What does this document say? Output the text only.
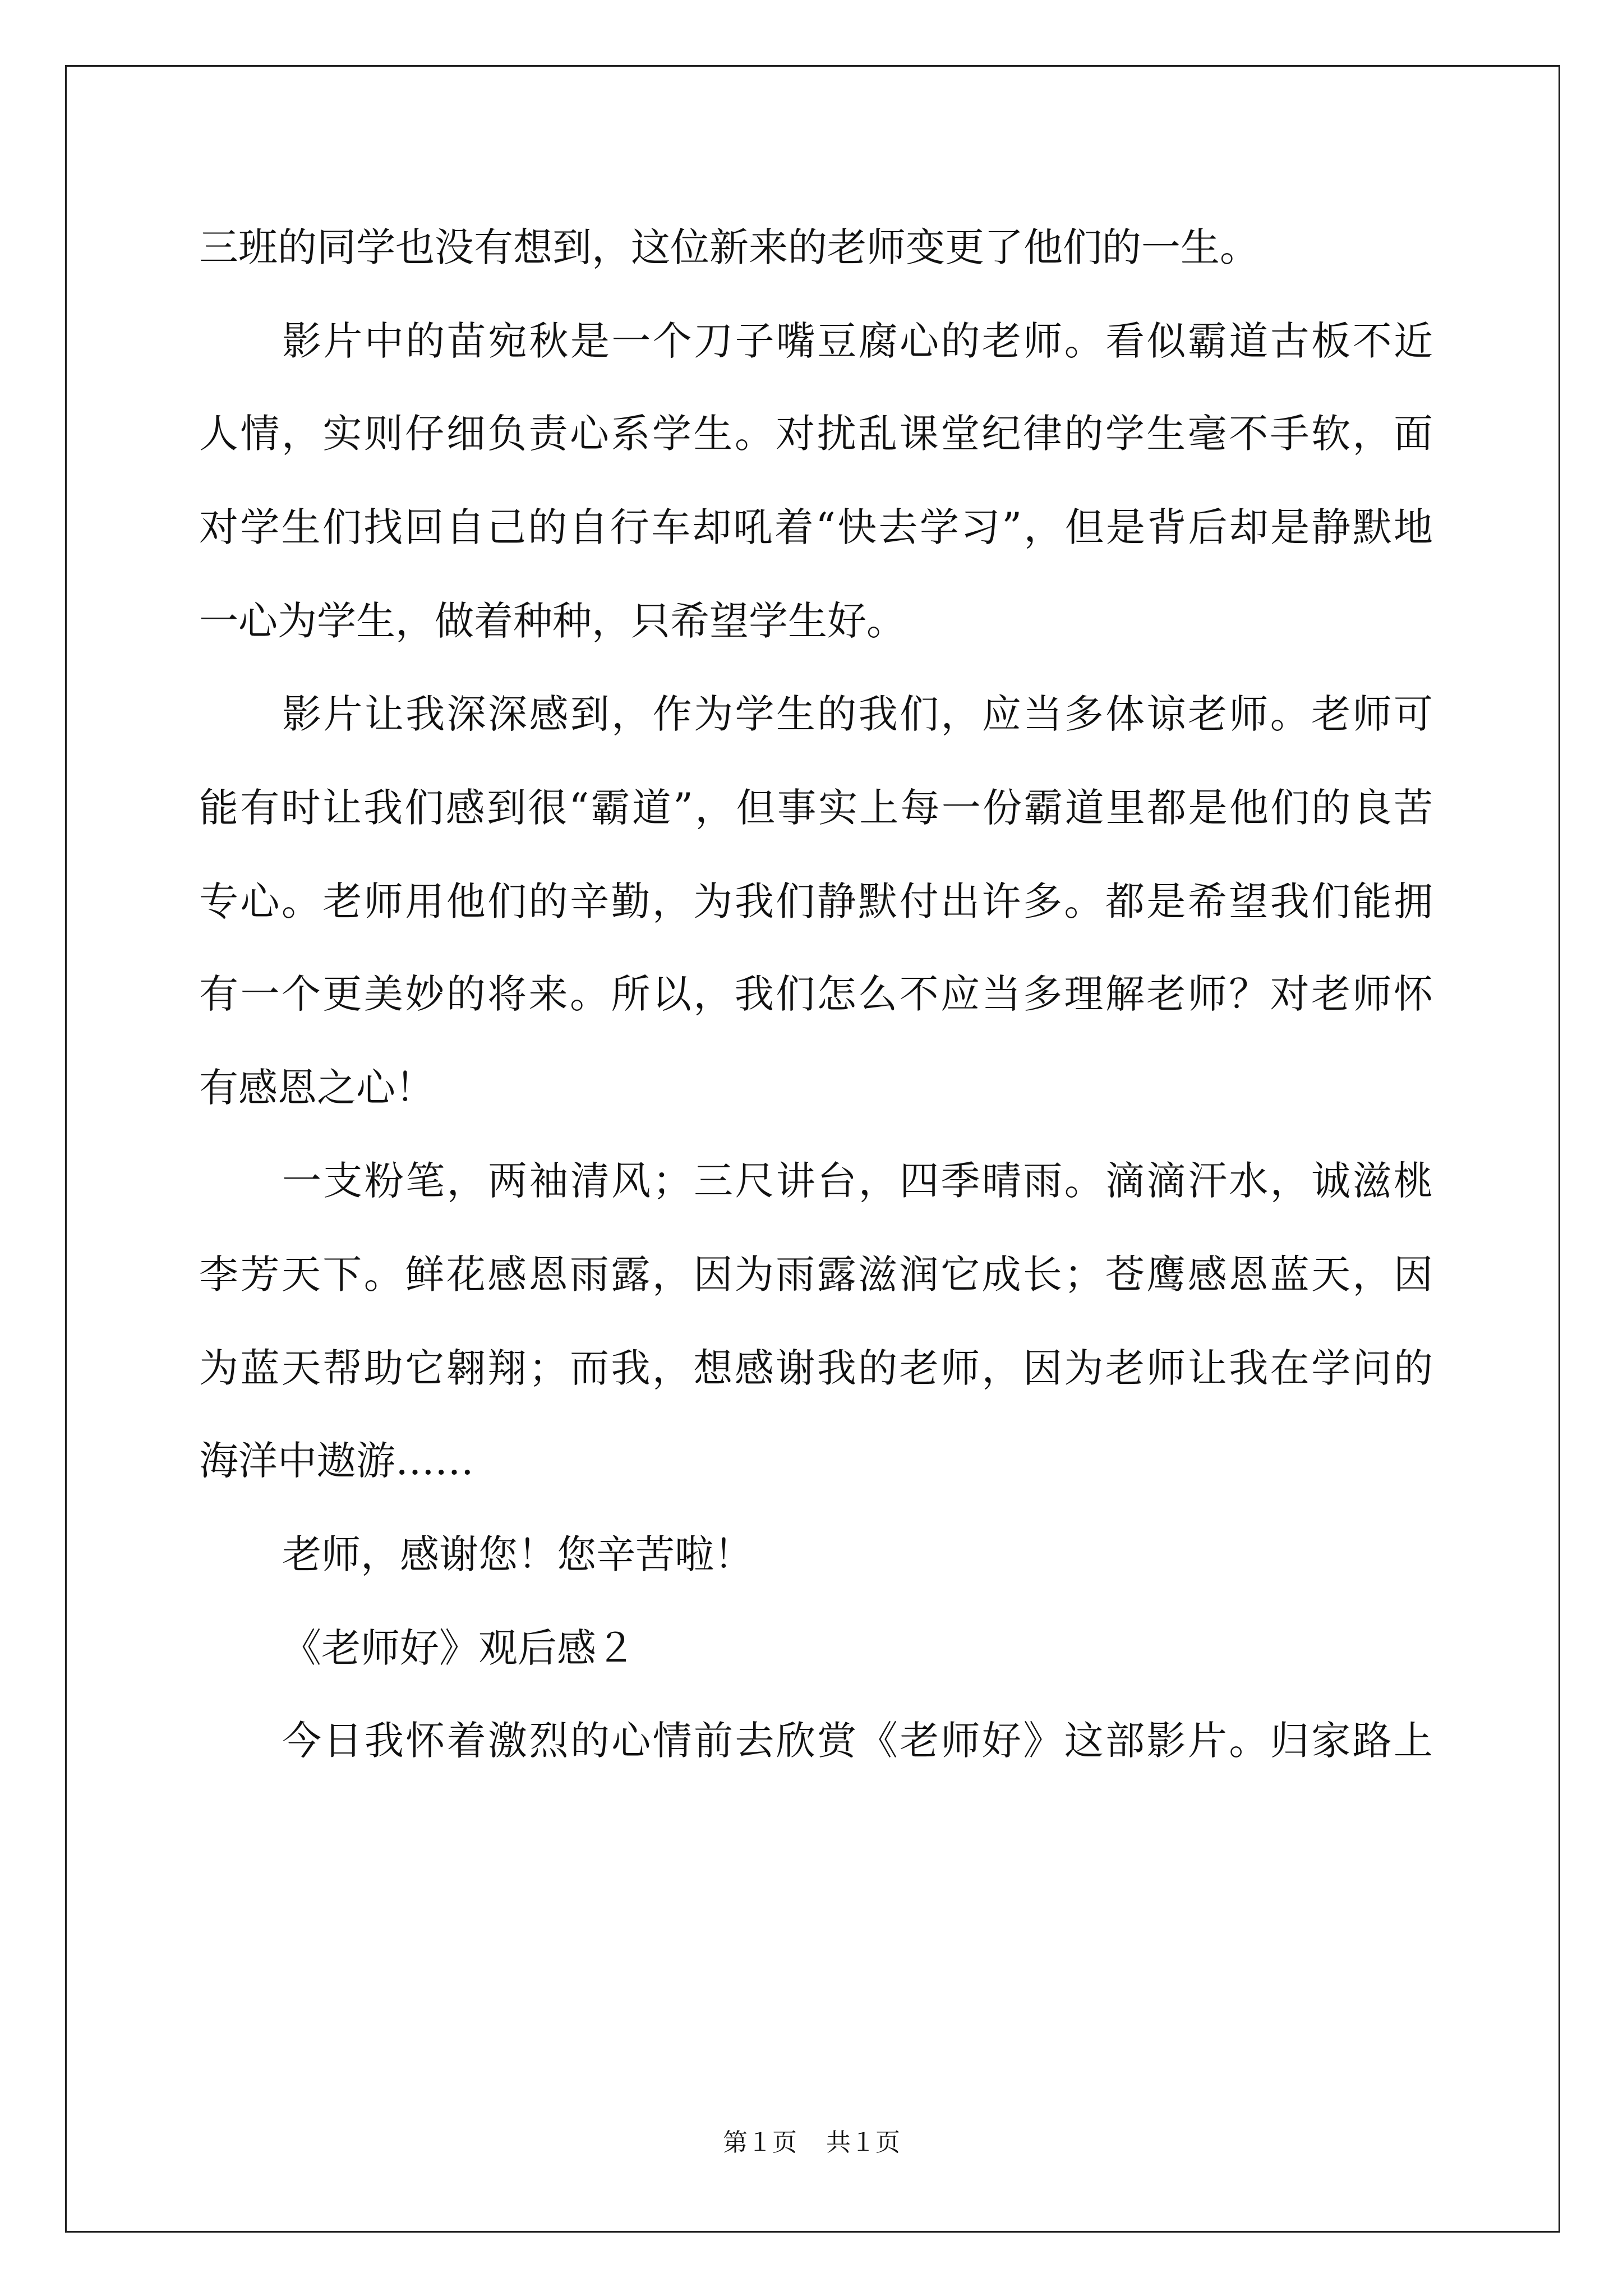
三班的同学也没有想到，这位新来的老师变更了他们的一生。
影片中的苗宛秋是一个刀子嘴豆腐心的老师。看似霸道古板不近
人情，实则仔细负责心系学生。对扰乱课堂纪律的学生毫不手软，面
对学生们找回自己的自行车却吼着“快去学习”，但是背后却是静默地
一心为学生，做着种种，只希望学生好。
影片让我深深感到，作为学生的我们，应当多体谅老师。老师可
能有时让我们感到很“霸道”，但事实上每一份霸道里都是他们的良苦
专心。老师用他们的辛勤，为我们静默付出许多。都是希望我们能拥
有一个更美妙的将来。所以，我们怎么不应当多理解老师？对老师怀
有感恩之心！
一支粉笔，两袖清风；三尺讲台，四季晴雨。滴滴汗水，诚滋桃
李芳天下。鲜花感恩雨露，因为雨露滋润它成长；苍鹰感恩蓝天，因
为蓝天帮助它翱翔；而我，想感谢我的老师，因为老师让我在学问的
海洋中遨游……
老师，感谢您！您辛苦啦！
《老师好》观后感２
今日我怀着激烈的心情前去欣赏《老师好》这部影片。归家路上
第１页 共１页
